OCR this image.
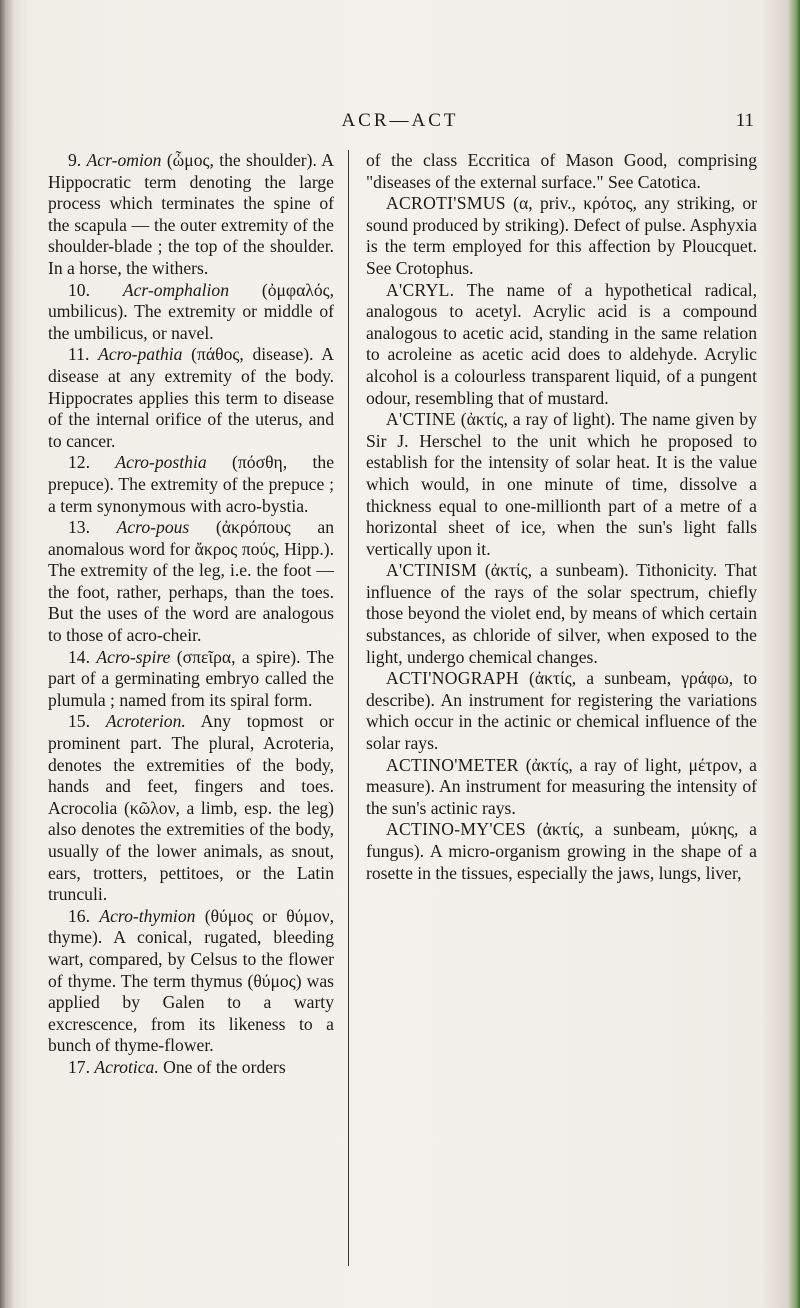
ACR—ACT	11

9. Acr-omion (ὦμος, the shoulder). A Hippocratic term denoting the large process which terminates the spine of the scapula — the outer extremity of the shoulder-blade ; the top of the shoulder. In a horse, the withers.

10. Acr-omphalion (ὀμφαλός, umbilicus). The extremity or middle of the umbilicus, or navel.

11. Acro-pathia (πάθος, disease). A disease at any extremity of the body. Hippocrates applies this term to disease of the internal orifice of the uterus, and to cancer.

12. Acro-posthia (πόσθη, the prepuce). The extremity of the prepuce ; a term synonymous with acro-bystia.

13. Acro-pous (ἀκρόπους an anomalous word for ἄκρος πούς, Hipp.). The extremity of the leg, i.e. the foot — the foot, rather, perhaps, than the toes. But the uses of the word are analogous to those of acro-cheir.

14. Acro-spire (σπεῖρα, a spire). The part of a germinating embryo called the plumula ; named from its spiral form.

15. Acroterion. Any topmost or prominent part. The plural, Acroteria, denotes the extremities of the body, hands and feet, fingers and toes. Acrocolia (κῶλον, a limb, esp. the leg) also denotes the extremities of the body, usually of the lower animals, as snout, ears, trotters, pettitoes, or the Latin trunculi.

16. Acro-thymion (θύμος or θύμον, thyme). A conical, rugated, bleeding wart, compared, by Celsus to the flower of thyme. The term thymus (θύμος) was applied by Galen to a warty excrescence, from its likeness to a bunch of thyme-flower.

17. Acrotica. One of the orders

of the class Eccritica of Mason Good, comprising "diseases of the external surface." See Catotica.

ACROTI'SMUS (α, priv., κρότος, any striking, or sound produced by striking). Defect of pulse. Asphyxia is the term employed for this affection by Ploucquet. See Crotophus.

A'CRYL. The name of a hypothetical radical, analogous to acetyl. Acrylic acid is a compound analogous to acetic acid, standing in the same relation to acroleine as acetic acid does to aldehyde. Acrylic alcohol is a colourless transparent liquid, of a pungent odour, resembling that of mustard.

A'CTINE (ἀκτίς, a ray of light). The name given by Sir J. Herschel to the unit which he proposed to establish for the intensity of solar heat. It is the value which would, in one minute of time, dissolve a thickness equal to one-millionth part of a metre of a horizontal sheet of ice, when the sun's light falls vertically upon it.

A'CTINISM (ἀκτίς, a sunbeam). Tithonicity. That influence of the rays of the solar spectrum, chiefly those beyond the violet end, by means of which certain substances, as chloride of silver, when exposed to the light, undergo chemical changes.

ACTI'NOGRAPH (ἀκτίς, a sunbeam, γράφω, to describe). An instrument for registering the variations which occur in the actinic or chemical influence of the solar rays.

ACTINO'METER (ἀκτίς, a ray of light, μέτρον, a measure). An instrument for measuring the intensity of the sun's actinic rays.

ACTINO-MY'CES (ἀκτίς, a sunbeam, μύκης, a fungus). A micro-organism growing in the shape of a rosette in the tissues, especially the jaws, lungs, liver,
